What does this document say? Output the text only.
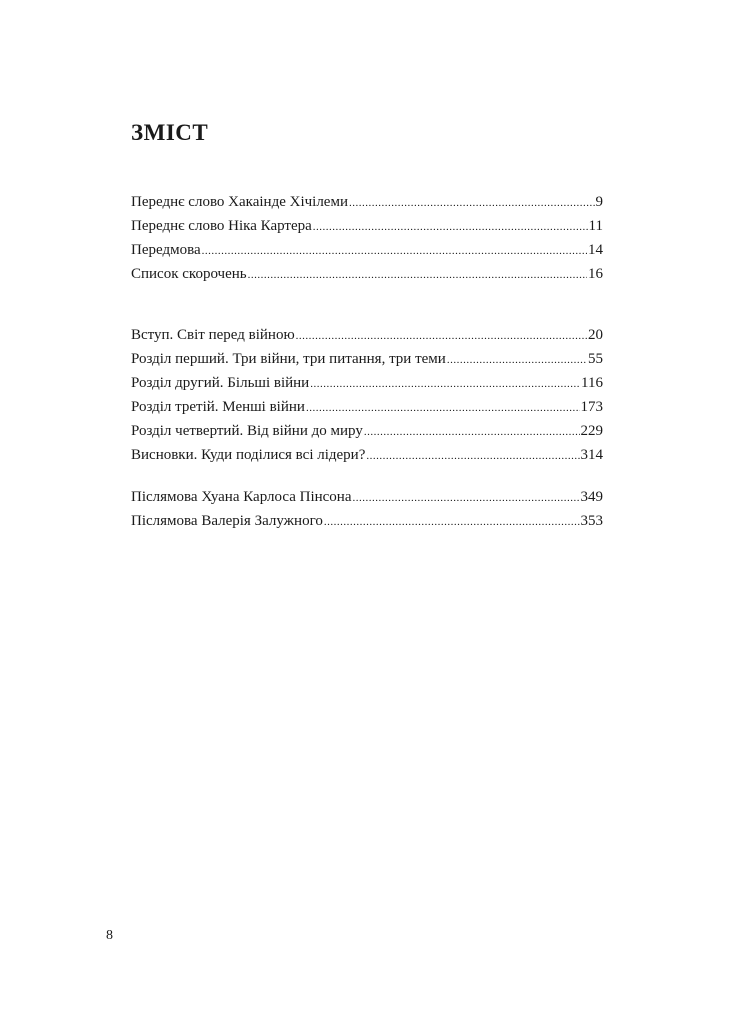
ЗМІСТ
Переднє слово Хакаінде Хічілеми .....	9
Переднє слово Ніка Картера .....	11
Передмова .....	14
Список скорочень .....	16
Вступ. Світ перед війною .....	20
Розділ перший. Три війни, три питання, три теми .....	55
Розділ другий. Більші війни .....	116
Розділ третій. Менші війни .....	173
Розділ четвертий. Від війни до миру .....	229
Висновки. Куди поділися всі лідери? .....	314
Післямова Хуана Карлоса Пінсона .....	349
Післямова Валерія Залужного .....	353
8
